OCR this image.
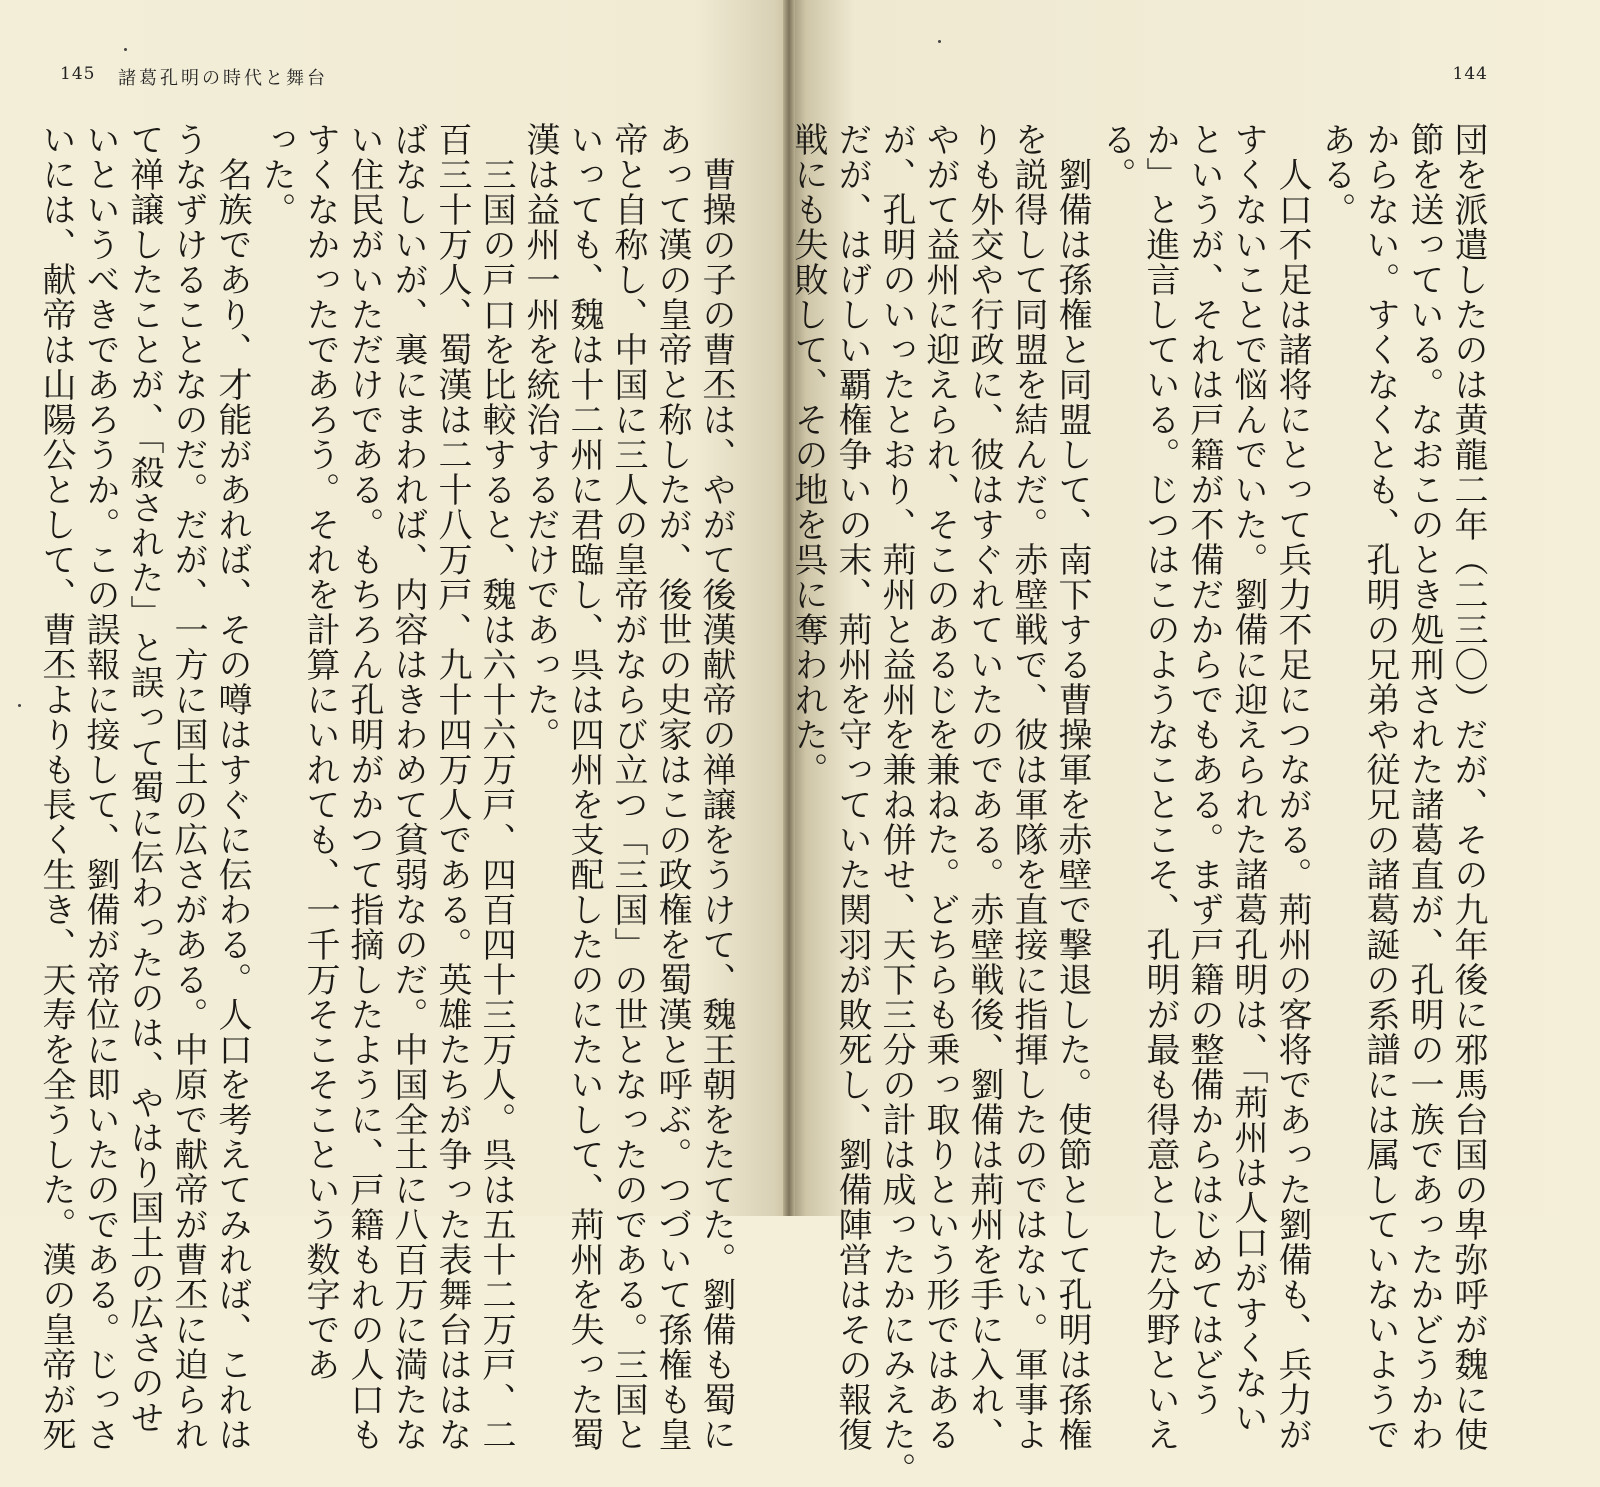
145 諸葛孔明の時代と舞台	144
　曹操の子の曹丕は、やがて後漢献帝の禅譲をうけて、魏王朝をたてた。劉備も蜀に
あって漢の皇帝と称したが、後世の史家はこの政権を蜀漢と呼ぶ。つづいて孫権も皇
帝と自称し、中国に三人の皇帝がならび立つ「三国」の世となったのである。三国と
いっても、魏は十二州に君臨し、呉は四州を支配したのにたいして、荊州を失った蜀
漢は益州一州を統治するだけであった。
　三国の戸口を比較すると、魏は六十六万戸、四百四十三万人。呉は五十二万戸、二
百三十万人、蜀漢は二十八万戸、九十四万人である。英雄たちが争った表舞台ははな
ばなしいが、裏にまわれば、内容はきわめて貧弱なのだ。中国全土に八百万に満たな
い住民がいただけである。もちろん孔明がかつて指摘したように、戸籍もれの人口も
すくなかったであろう。それを計算にいれても、一千万そこそこという数字であ
った。
　名族であり、才能があれば、その噂はすぐに伝わる。人口を考えてみれば、これは
うなずけることなのだ。だが、一方に国土の広さがある。中原で献帝が曹丕に迫られ
て禅譲したことが、「殺された」と誤って蜀に伝わったのは、やはり国土の広さのせ
いというべきであろうか。この誤報に接して、劉備が帝位に即いたのである。じっさ
いには、献帝は山陽公として、曹丕よりも長く生き、天寿を全うした。漢の皇帝が死	団を派遣したのは黄龍二年（二三〇）だが、その九年後に邪馬台国の卑弥呼が魏に使
節を送っている。なおこのとき処刑された諸葛直が、孔明の一族であったかどうかわ
からない。すくなくとも、孔明の兄弟や従兄の諸葛誕の系譜には属していないようで
ある。
　人口不足は諸将にとって兵力不足につながる。荊州の客将であった劉備も、兵力が
すくないことで悩んでいた。劉備に迎えられた諸葛孔明は、「荊州は人口がすくない
というが、それは戸籍が不備だからでもある。まず戸籍の整備からはじめてはどう
か」と進言している。じつはこのようなことこそ、孔明が最も得意とした分野といえ
る。
　劉備は孫権と同盟して、南下する曹操軍を赤壁で撃退した。使節として孔明は孫権
を説得して同盟を結んだ。赤壁戦で、彼は軍隊を直接に指揮したのではない。軍事よ
りも外交や行政に、彼はすぐれていたのである。赤壁戦後、劉備は荊州を手に入れ、
やがて益州に迎えられ、そこのあるじを兼ねた。どちらも乗っ取りという形ではある
が、孔明のいったとおり、荊州と益州を兼ね併せ、天下三分の計は成ったかにみえた。
だが、はげしい覇権争いの末、荊州を守っていた関羽が敗死し、劉備陣営はその報復
戦にも失敗して、その地を呉に奪われた。
